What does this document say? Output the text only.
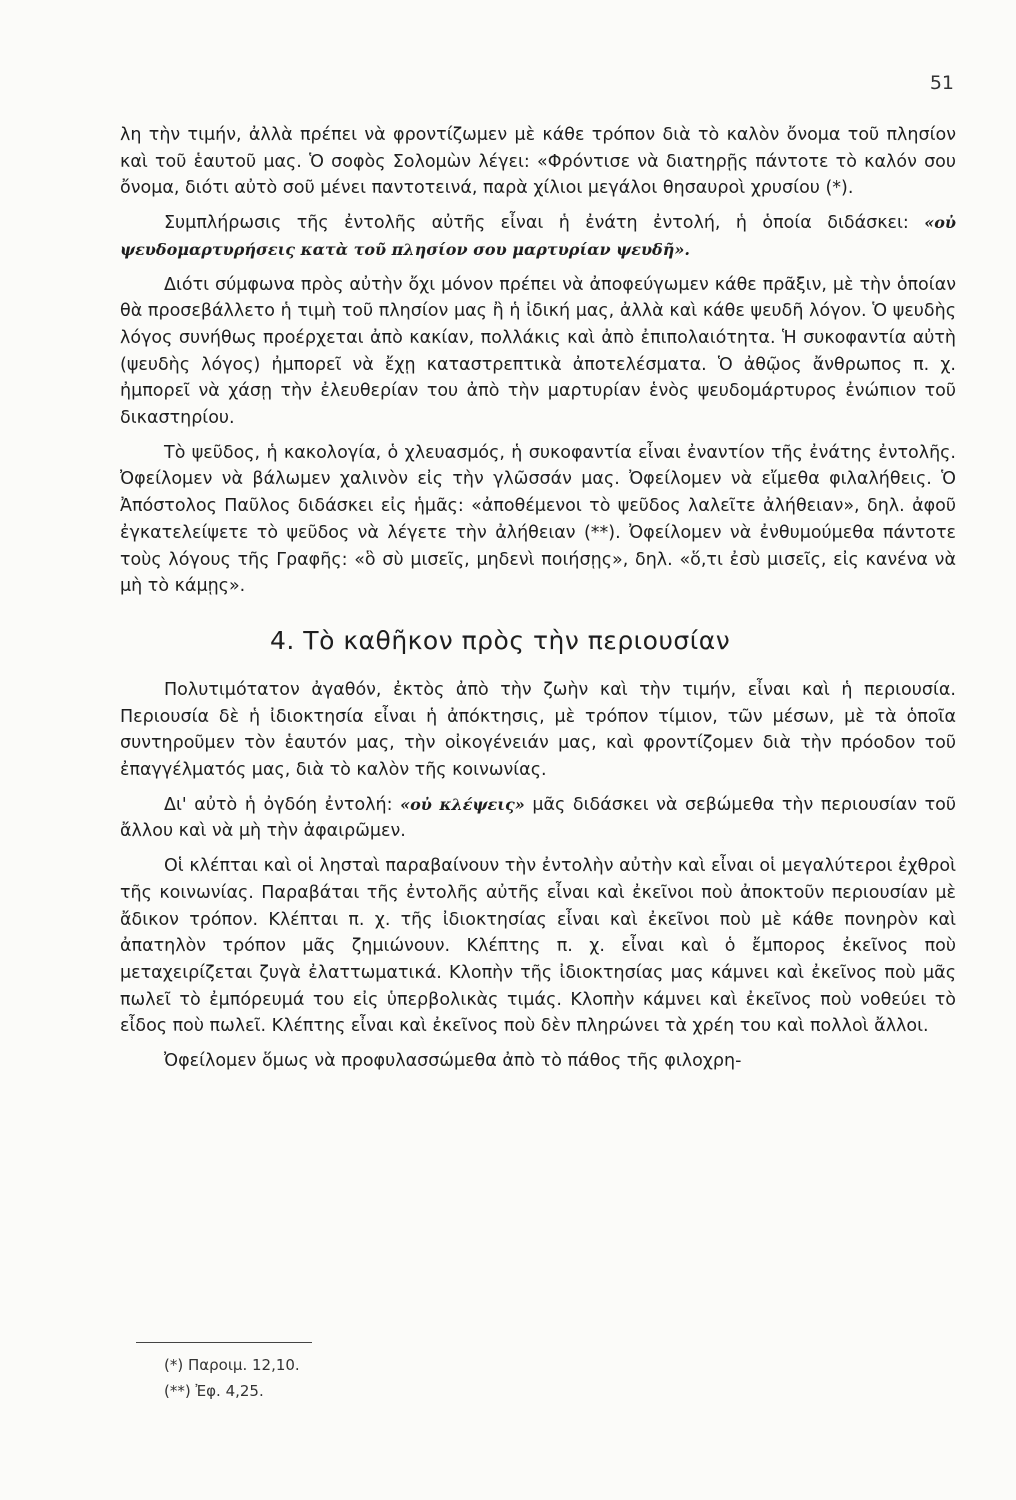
51

λη τὴν τιμήν, ἀλλὰ πρέπει νὰ φροντίζωμεν μὲ κάθε τρόπον διὰ τὸ καλὸν ὄνομα τοῦ πλησίον καὶ τοῦ ἑαυτοῦ μας. Ὁ σοφὸς Σολομὼν λέγει: «Φρόντισε νὰ διατηρῇς πάντοτε τὸ καλόν σου ὄνομα, διότι αὐτὸ σοῦ μένει παντοτεινά, παρὰ χίλιοι μεγάλοι θησαυροὶ χρυσίου (*).

Συμπλήρωσις τῆς ἐντολῆς αὐτῆς εἶναι ἡ ἐνάτη ἐντολή, ἡ ὁποία διδάσκει: «οὐ ψευδομαρτυρήσεις κατὰ τοῦ πλησίον σου μαρτυρίαν ψευδῆ».

Διότι σύμφωνα πρὸς αὐτὴν ὄχι μόνον πρέπει νὰ ἀποφεύγωμεν κάθε πρᾶξιν, μὲ τὴν ὁποίαν θὰ προσεβάλλετο ἡ τιμὴ τοῦ πλησίον μας ἢ ἡ ἰδική μας, ἀλλὰ καὶ κάθε ψευδῆ λόγον. Ὁ ψευδὴς λόγος συνήθως προέρχεται ἀπὸ κακίαν, πολλάκις καὶ ἀπὸ ἐπιπολαιότητα. Ἡ συκοφαντία αὐτὴ (ψευδὴς λόγος) ἠμπορεῖ νὰ ἔχῃ καταστρεπτικὰ ἀποτελέσματα. Ὁ ἀθῷος ἄνθρωπος π. χ. ἠμπορεῖ νὰ χάσῃ τὴν ἐλευθερίαν του ἀπὸ τὴν μαρτυρίαν ἑνὸς ψευδομάρτυρος ἐνώπιον τοῦ δικαστηρίου.

Τὸ ψεῦδος, ἡ κακολογία, ὁ χλευασμός, ἡ συκοφαντία εἶναι ἐναντίον τῆς ἐνάτης ἐντολῆς. Ὀφείλομεν νὰ βάλωμεν χαλινὸν εἰς τὴν γλῶσσάν μας. Ὀφείλομεν νὰ εἴμεθα φιλαλήθεις. Ὁ Ἀπόστολος Παῦλος διδάσκει εἰς ἡμᾶς: «ἀποθέμενοι τὸ ψεῦδος λαλεῖτε ἀλήθειαν», δηλ. ἀφοῦ ἐγκατελείψετε τὸ ψεῦδος νὰ λέγετε τὴν ἀλήθειαν (**). Ὀφείλομεν νὰ ἐνθυμούμεθα πάντοτε τοὺς λόγους τῆς Γραφῆς: «ὃ σὺ μισεῖς, μηδενὶ ποιήσῃς», δηλ. «ὅ,τι ἐσὺ μισεῖς, εἰς κανένα νὰ μὴ τὸ κάμῃς».

4. Τὸ καθῆκον πρὸς τὴν περιουσίαν

Πολυτιμότατον ἀγαθόν, ἐκτὸς ἀπὸ τὴν ζωὴν καὶ τὴν τιμήν, εἶναι καὶ ἡ περιουσία. Περιουσία δὲ ἡ ἰδιοκτησία εἶναι ἡ ἀπόκτησις, μὲ τρόπον τίμιον, τῶν μέσων, μὲ τὰ ὁποῖα συντηροῦμεν τὸν ἑαυτόν μας, τὴν οἰκογένειάν μας, καὶ φροντίζομεν διὰ τὴν πρόοδον τοῦ ἐπαγγέλματός μας, διὰ τὸ καλὸν τῆς κοινωνίας.

Δι' αὐτὸ ἡ ὀγδόη ἐντολή: «οὐ κλέψεις» μᾶς διδάσκει νὰ σεβώμεθα τὴν περιουσίαν τοῦ ἄλλου καὶ νὰ μὴ τὴν ἀφαιρῶμεν.

Οἱ κλέπται καὶ οἱ λησταὶ παραβαίνουν τὴν ἐντολὴν αὐτὴν καὶ εἶναι οἱ μεγαλύτεροι ἐχθροὶ τῆς κοινωνίας. Παραβάται τῆς ἐντολῆς αὐτῆς εἶναι καὶ ἐκεῖνοι ποὺ ἀποκτοῦν περιουσίαν μὲ ἄδικον τρόπον. Κλέπται π. χ. τῆς ἰδιοκτησίας εἶναι καὶ ἐκεῖνοι ποὺ μὲ κάθε πονηρὸν καὶ ἀπατηλὸν τρόπον μᾶς ζημιώνουν. Κλέπτης π. χ. εἶναι καὶ ὁ ἔμπορος ἐκεῖνος ποὺ μεταχειρίζεται ζυγὰ ἐλαττωματικά. Κλοπὴν τῆς ἰδιοκτησίας μας κάμνει καὶ ἐκεῖνος ποὺ μᾶς πωλεῖ τὸ ἐμπόρευμά του εἰς ὑπερβολικὰς τιμάς. Κλοπὴν κάμνει καὶ ἐκεῖνος ποὺ νοθεύει τὸ εἶδος ποὺ πωλεῖ. Κλέπτης εἶναι καὶ ἐκεῖνος ποὺ δὲν πληρώνει τὰ χρέη του καὶ πολλοὶ ἄλλοι.

Ὀφείλομεν ὅμως νὰ προφυλασσώμεθα ἀπὸ τὸ πάθος τῆς φιλοχρη-

(*) Παροιμ. 12,10.
(**) Ἐφ. 4,25.
